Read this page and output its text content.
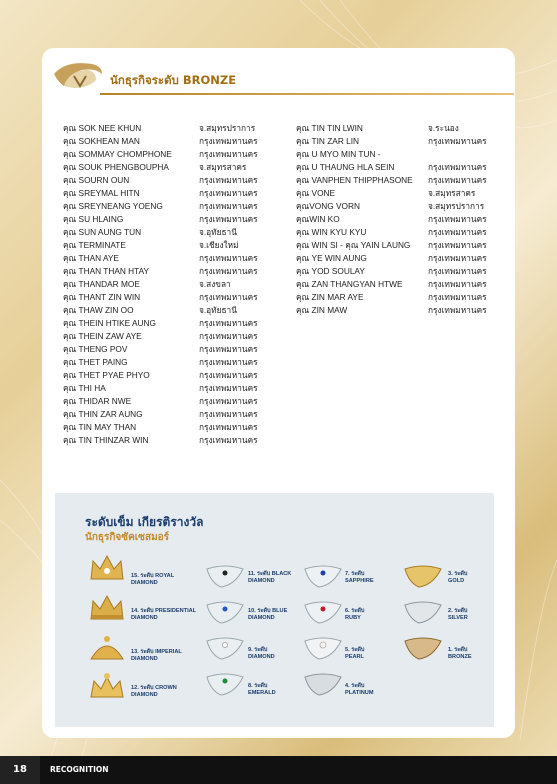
นักธุรกิจระดับ BRONZE
คุณ SOK NEE KHUN	จ.สมุทรปราการ
คุณ SOKHEAN MAN	กรุงเทพมหานคร
คุณ SOMMAY CHOMPHONE	กรุงเทพมหานคร
คุณ SOUK PHENGBOUPHA	จ.สมุทรสาคร
คุณ SOURN OUN	กรุงเทพมหานคร
คุณ SREYMAL HITN	กรุงเทพมหานคร
คุณ SREYNEANG YOENG	กรุงเทพมหานคร
คุณ SU HLAING	กรุงเทพมหานคร
คุณ SUN AUNG TUN	จ.อุทัยธานี
คุณ TERMINATE	จ.เชียงใหม่
คุณ THAN AYE	กรุงเทพมหานคร
คุณ THAN THAN HTAY	กรุงเทพมหานคร
คุณ THANDAR MOE	จ.สงขลา
คุณ THANT ZIN WIN	กรุงเทพมหานคร
คุณ THAW ZIN OO	จ.อุทัยธานี
คุณ THEIN HTIKE AUNG	กรุงเทพมหานคร
คุณ THEIN ZAW AYE	กรุงเทพมหานคร
คุณ THENG POV	กรุงเทพมหานคร
คุณ THET PAING	กรุงเทพมหานคร
คุณ THET PYAE PHYO	กรุงเทพมหานคร
คุณ THI HA	กรุงเทพมหานคร
คุณ THIDAR NWE	กรุงเทพมหานคร
คุณ THIN ZAR AUNG	กรุงเทพมหานคร
คุณ TIN MAY THAN	กรุงเทพมหานคร
คุณ TIN THINZAR WIN	กรุงเทพมหานคร
คุณ TIN TIN LWIN	จ.ระนอง
คุณ TIN ZAR LIN	กรุงเทพมหานคร
คุณ U MYO MIN TUN -
คุณ U THAUNG HLA SEIN	กรุงเทพมหานคร
คุณ VANPHEN THIPPHASONE กรุงเทพมหานคร
คุณ VONE	จ.สมุทรสาคร
คุณVONG VORN	จ.สมุทรปราการ
คุณWIN KO	กรุงเทพมหานคร
คุณ WIN KYU KYU	กรุงเทพมหานคร
คุณ WIN SI - คุณ YAIN LAUNG กรุงเทพมหานคร
คุณ YE WIN AUNG	กรุงเทพมหานคร
คุณ YOD SOULAY	กรุงเทพมหานคร
คุณ ZAN THANGYAN HTWE	กรุงเทพมหานคร
คุณ ZIN MAR AYE	กรุงเทพมหานคร
คุณ ZIN MAW	กรุงเทพมหานคร
ระดับเข็ม เกียรติรางวัล
นักธุรกิจซัคเซสมอร์
15. ระดับ ROYAL
DIAMOND
14. ระดับ PRESIDENTIAL
DIAMOND
13. ระดับ IMPERIAL
DIAMOND
12. ระดับ CROWN
DIAMOND
11. ระดับ BLACK
DIAMOND
10. ระดับ BLUE
DIAMOND
9. ระดับ
DIAMOND
8. ระดับ
EMERALD
7. ระดับ
SAPPHIRE
6. ระดับ
RUBY
5. ระดับ
PEARL
4. ระดับ
PLATINUM
3. ระดับ
GOLD
2. ระดับ
SILVER
1. ระดับ
BRONZE
18	RECOGNITION
